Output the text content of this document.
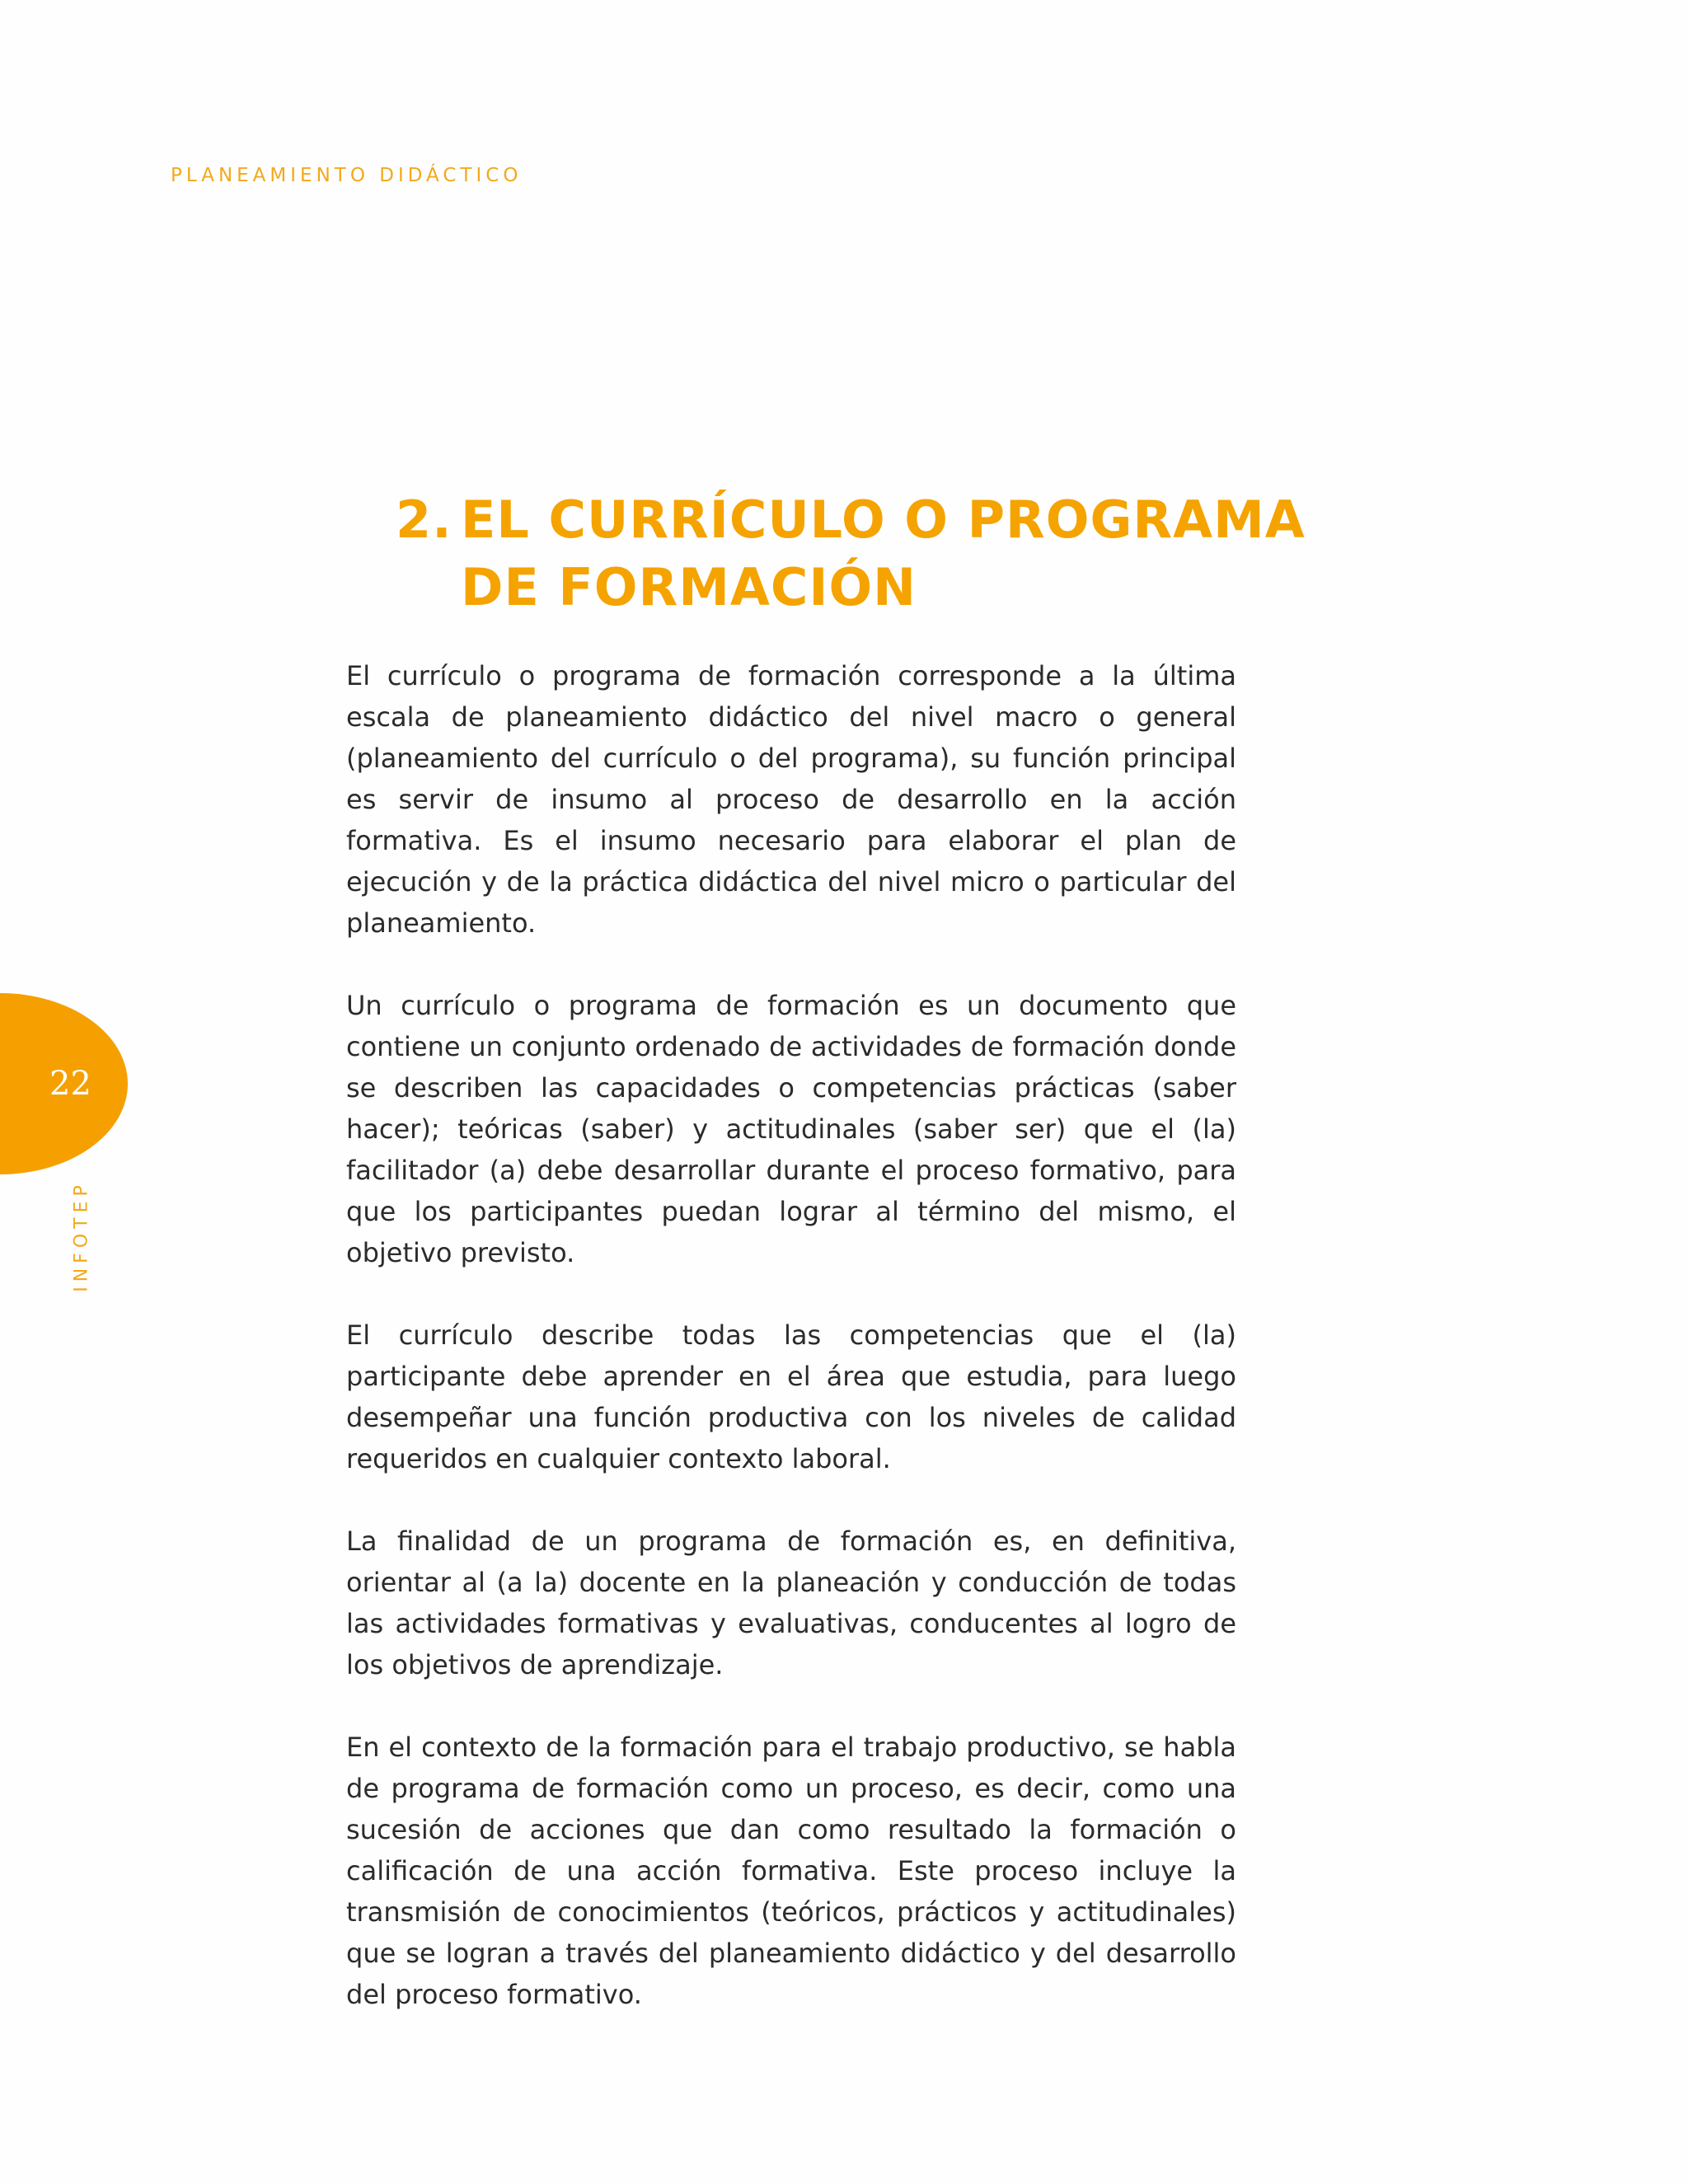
PLANEAMIENTO DIDÁCTICO
22
INFOTEP
2. EL CURRÍCULO O PROGRAMA
DE FORMACIÓN

El currículo o programa de formación corresponde a la última escala de planeamiento didáctico del nivel macro o general (planeamiento del currículo o del programa), su función principal es servir de insumo al proceso de desarrollo en la acción formativa. Es el insumo necesario para elaborar el plan de ejecución y de la práctica didáctica del nivel micro o particular del planeamiento.

Un currículo o programa de formación es un documento que contiene un conjunto ordenado de actividades de formación donde se describen las capacidades o competencias prácticas (saber hacer); teóricas (saber) y actitudinales (saber ser) que el (la) facilitador (a) debe desarrollar durante el proceso formativo, para que los participantes puedan lograr al término del mismo, el objetivo previsto.

El currículo describe todas las competencias que el (la) participante debe aprender en el área que estudia, para luego desempeñar una función productiva con los niveles de calidad requeridos en cualquier contexto laboral.

La finalidad de un programa de formación es, en definitiva, orientar al (a la) docente en la planeación y conducción de todas las actividades formativas y evaluativas, conducentes al logro de los objetivos de aprendizaje.

En el contexto de la formación para el trabajo productivo, se habla de programa de formación como un proceso, es decir, como una sucesión de acciones que dan como resultado la formación o calificación de una acción formativa. Este proceso incluye la transmisión de conocimientos (teóricos, prácticos y actitudinales) que se logran a través del planeamiento didáctico y del desarrollo del proceso formativo.
